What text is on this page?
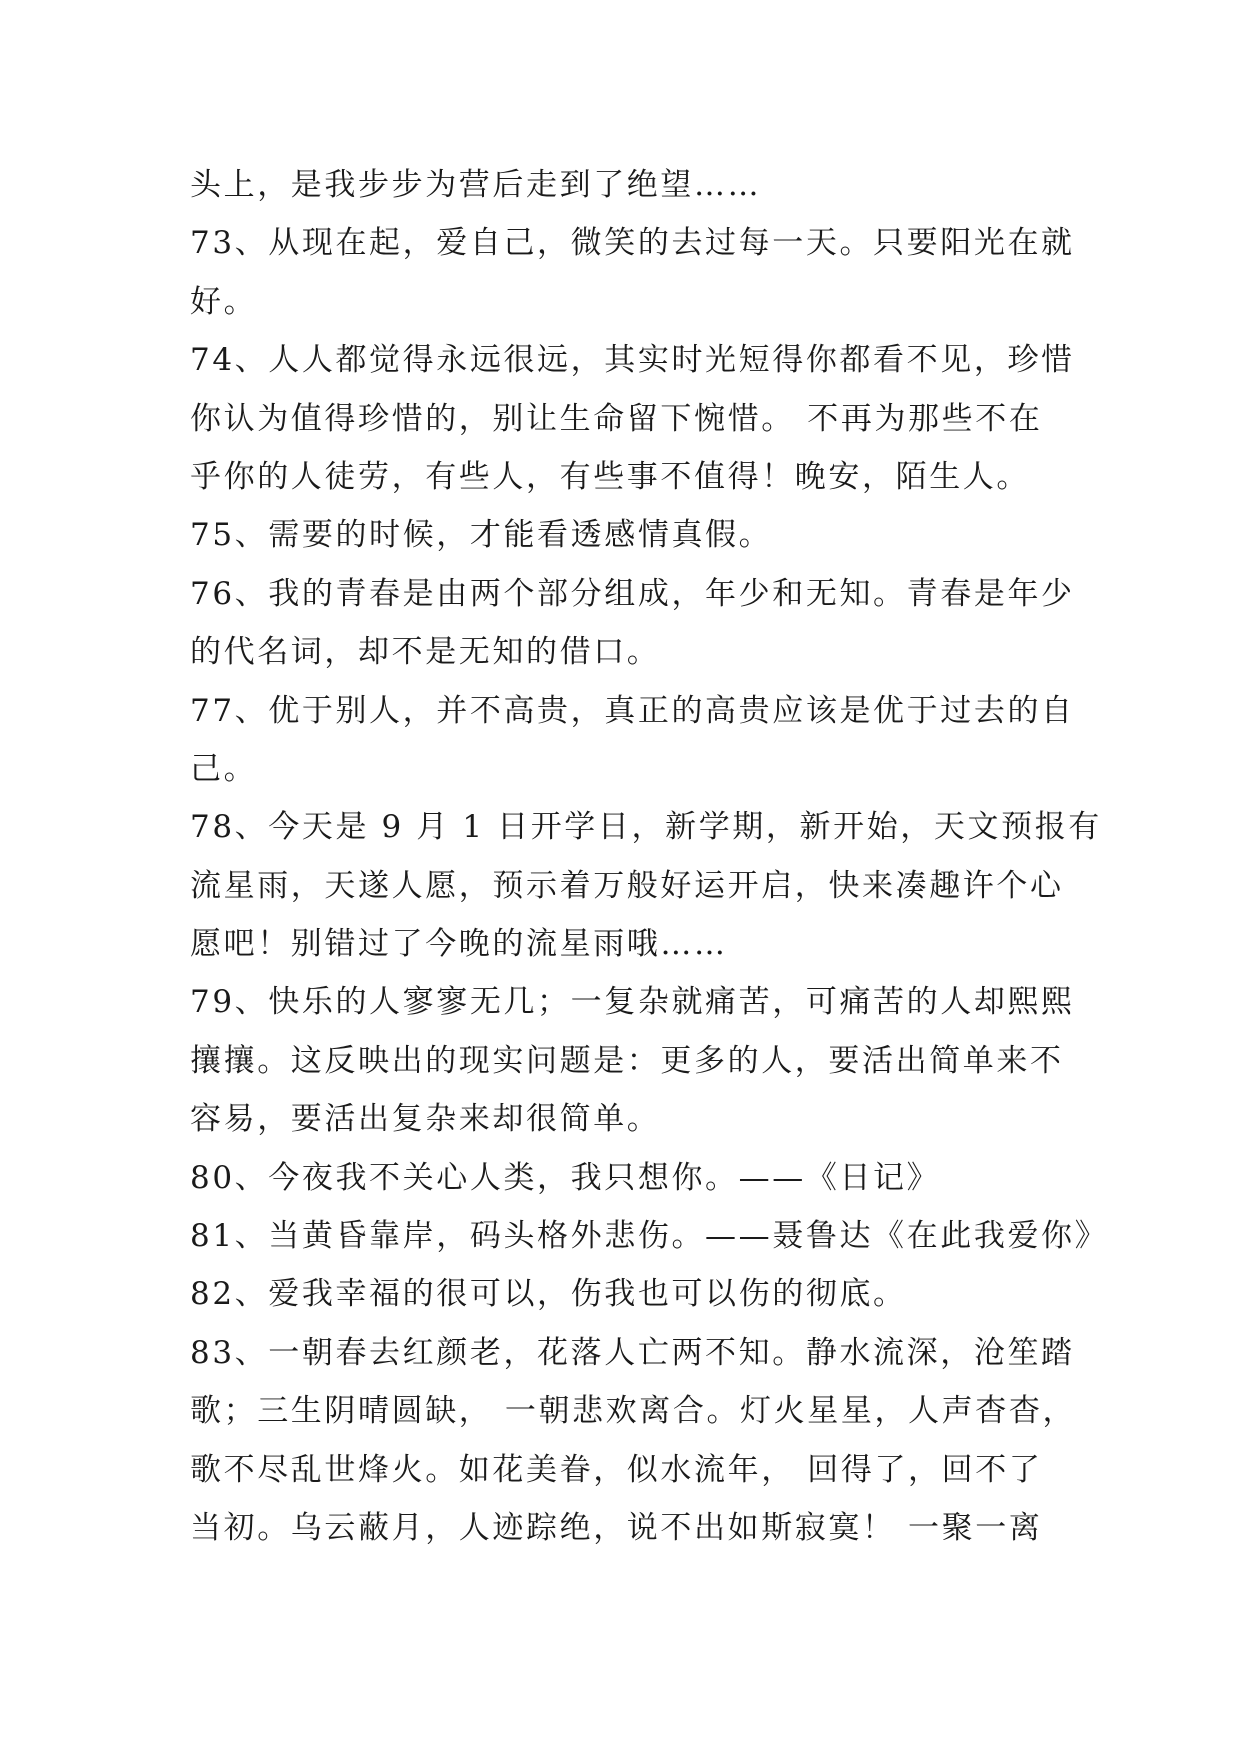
头上，是我步步为营后走到了绝望……
73、从现在起，爱自己，微笑的去过每一天。只要阳光在就
好。
74、人人都觉得永远很远，其实时光短得你都看不见，珍惜
你认为值得珍惜的，别让生命留下惋惜。 不再为那些不在
乎你的人徒劳，有些人，有些事不值得！晚安，陌生人。
75、需要的时候，才能看透感情真假。
76、我的青春是由两个部分组成，年少和无知。青春是年少
的代名词，却不是无知的借口。
77、优于别人，并不高贵，真正的高贵应该是优于过去的自
己。
78、今天是 9 月 1 日开学日，新学期，新开始，天文预报有
流星雨，天遂人愿，预示着万般好运开启，快来凑趣许个心
愿吧！别错过了今晚的流星雨哦……
79、快乐的人寥寥无几；一复杂就痛苦，可痛苦的人却熙熙
攘攘。这反映出的现实问题是：更多的人，要活出简单来不
容易，要活出复杂来却很简单。
80、今夜我不关心人类，我只想你。——《日记》
81、当黄昏靠岸，码头格外悲伤。——聂鲁达《在此我爱你》
82、爱我幸福的很可以，伤我也可以伤的彻底。
83、一朝春去红颜老，花落人亡两不知。静水流深，沧笙踏
歌；三生阴晴圆缺， 一朝悲欢离合。灯火星星，人声杳杳，
歌不尽乱世烽火。如花美眷，似水流年， 回得了，回不了
当初。乌云蔽月，人迹踪绝，说不出如斯寂寞！ 一聚一离
